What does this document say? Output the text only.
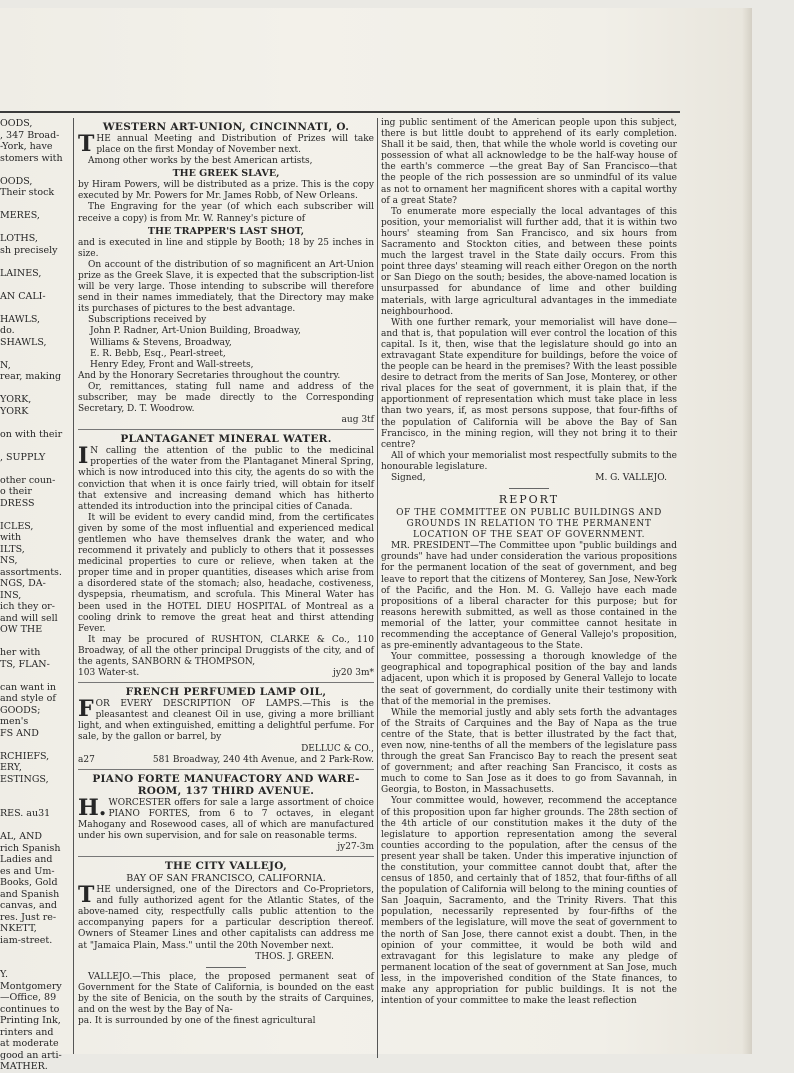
OODS,
, 347 Broad-
-York, have
stomers with

OODS,
Their stock

MERES,

LOTHS,
sh precisely

LAINES,

AN CALI-

HAWLS,
do.
SHAWLS,

N,
rear, making

YORK,
YORK

on with their

, SUPPLY

other coun-
o their
DRESS

ICLES,
with
ILTS,
NS,
assortments.
NGS, DA-
INS,
ich they or-
and will sell
OW THE

her with
TS, FLAN-

can want in
and style of
GOODS;
men's
FS AND

RCHIEFS,
ERY,
ESTINGS,

RES. au31

AL, AND
rich Spanish
Ladies and
es and Um-
Books, Gold
and Spanish
canvas, and
res. Just re-
NKETT,
iam-street.

Y.
Montgomery
—Office, 89
continues to
Printing Ink,
rinters and
at moderate
good an arti-
MATHER.
WESTERN ART-UNION, CINCINNATI, O.

THE annual Meeting and Distribution of Prizes will take place on the first Monday of November next.

Among other works by the best American artists,

THE GREEK SLAVE,

by Hiram Powers, will be distributed as a prize. This is the copy executed by Mr. Powers for Mr. James Robb, of New Orleans.

The Engraving for the year (of which each subscriber will receive a copy) is from Mr. W. Ranney's picture of

THE TRAPPER'S LAST SHOT,

and is executed in line and stipple by Booth; 18 by 25 inches in size.

On account of the distribution of so magnificent an Art-Union prize as the Greek Slave, it is expected that the subscription-list will be very large. Those intending to subscribe will therefore send in their names immediately, that the Directory may make its purchases of pictures to the best advantage.

Subscriptions received by

John P. Radner, Art-Union Building, Broadway,

Williams & Stevens, Broadway,

E. R. Bebb, Esq., Pearl-street,

Henry Edey, Front and Wall-streets,

And by the Honorary Secretaries throughout the country.

Or, remittances, stating full name and address of the subscriber, may be made directly to the Corresponding Secretary, D. T. Woodrow.

aug 3tf

PLANTAGANET MINERAL WATER.

I N calling the attention of the public to the medicinal properties of the water from the Plantaganet Mineral Spring, which is now introduced into this city, the agents do so with the conviction that when it is once fairly tried, will obtain for itself that extensive and increasing demand which has hitherto attended its introduction into the principal cities of Canada.

It will be evident to every candid mind, from the certificates given by some of the most influential and experienced medical gentlemen who have themselves drank the water, and who recommend it privately and publicly to others that it possesses medicinal properties to cure or relieve, when taken at the proper time and in proper quantities, diseases which arise from a disordered state of the stomach; also, headache, costiveness, dyspepsia, rheumatism, and scrofula. This Mineral Water has been used in the HOTEL DIEU HOSPITAL of Montreal as a cooling drink to remove the great heat and thirst attending Fever.

It may be procured of RUSHTON, CLARKE & Co., 110 Broadway, of all the other principal Druggists of the city, and of the agents, SANBORN & THOMPSON,

103 Water-st.	jy20 3m*
FRENCH PERFUMED LAMP OIL,

FOR EVERY DESCRIPTION OF LAMPS.—This is the pleasantest and cleanest Oil in use, giving a more brilliant light, and when extinguished, emitting a delightful perfume. For sale, by the gallon or barrel, by

DELLUC & CO.,

a27	581 Broadway, 240 4th Avenue, and 2 Park-Row.
PIANO FORTE MANUFACTORY AND WARE-
ROOM, 137 THIRD AVENUE.

H. WORCESTER offers for sale a large assortment of choice PIANO FORTES, from 6 to 7 octaves, in elegant Mahogany and Rosewood cases, all of which are manufactured under his own supervision, and for sale on reasonable terms.

jy27-3m

THE CITY VALLEJO,
BAY OF SAN FRANCISCO, CALIFORNIA.

THE undersigned, one of the Directors and Co-Proprietors, and fully authorized agent for the Atlantic States, of the above-named city, respectfully calls public attention to the accompanying papers for a particular description thereof. Owners of Steamer Lines and other capitalists can address me at "Jamaica Plain, Mass." until the 20th November next.

THOS. J. GREEN.

VALLEJO.—This place, the proposed permanent seat of Government for the State of California, is bounded on the east by the site of Benicia, on the south by the straits of Carquines, and on the west by the Bay of Na-

pa. It is surrounded by one of the finest agricultural

ing public sentiment of the American people upon this subject, there is but little doubt to apprehend of its early completion. Shall it be said, then, that while the whole world is coveting our possession of what all acknowledge to be the half-way house of the earth's commerce —the great Bay of San Francisco—that the people of the rich possession are so unmindful of its value as not to ornament her magnificent shores with a capital worthy of a great State?

To enumerate more especially the local advantages of this position, your memorialist will further add, that it is within two hours' steaming from San Francisco, and six hours from Sacramento and Stockton cities, and between these points much the largest travel in the State daily occurs. From this point three days' steaming will reach either Oregon on the north or San Diego on the south; besides, the above-named location is unsurpassed for abundance of lime and other building materials, with large agricultural advantages in the immediate neighbourhood.

With one further remark, your memorialist will have done—and that is, that population will ever control the location of this capital. Is it, then, wise that the legislature should go into an extravagant State expenditure for buildings, before the voice of the people can be heard in the premises? With the least possible desire to detract from the merits of San Jose, Monterey, or other rival places for the seat of government, it is plain that, if the apportionment of representation which must take place in less than two years, if, as most persons suppose, that four-fifths of the population of California will be above the Bay of San Francisco, in the mining region, will they not bring it to their centre?

All of which your memorialist most respectfully submits to the honourable legislature.

Signed,	M. G. VALLEJO.
REPORT

OF THE COMMITTEE ON PUBLIC BUILDINGS AND GROUNDS IN RELATION TO THE PERMANENT LOCATION OF THE SEAT OF GOVERNMENT.

MR. PRESIDENT—The Committee upon "public buildings and grounds" have had under consideration the various propositions for the permanent location of the seat of government, and beg leave to report that the citizens of Monterey, San Jose, New-York of the Pacific, and the Hon. M. G. Vallejo have each made propositions of a liberal character for this purpose; but for reasons herewith submitted, as well as those contained in the memorial of the latter, your committee cannot hesitate in recommending the acceptance of General Vallejo's proposition, as pre-eminently advantageous to the State.

Your committee, possessing a thorough knowledge of the geographical and topographical position of the bay and lands adjacent, upon which it is proposed by General Vallejo to locate the seat of government, do cordially unite their testimony with that of the memorial in the premises.

While the memorial justly and ably sets forth the advantages of the Straits of Carquines and the Bay of Napa as the true centre of the State, that is better illustrated by the fact that, even now, nine-tenths of all the members of the legislature pass through the great San Francisco Bay to reach the present seat of government; and after reaching San Francisco, it costs as much to come to San Jose as it does to go from Savannah, in Georgia, to Boston, in Massachusetts.

Your committee would, however, recommend the acceptance of this proposition upon far higher grounds. The 28th section of the 4th article of our constitution makes it the duty of the legislature to apportion representation among the several counties according to the population, after the census of the present year shall be taken. Under this imperative injunction of the constitution, your committee cannot doubt that, after the census of 1850, and certainly that of 1852, that four-fifths of all the population of California will belong to the mining counties of San Joaquin, Sacramento, and the Trinity Rivers. That this population, necessarily represented by four-fifths of the members of the legislature, will move the seat of government to the north of San Jose, there cannot exist a doubt. Then, in the opinion of your committee, it would be both wild and extravagant for this legislature to make any pledge of permanent location of the seat of government at San Jose, much less, in the impoverished condition of the State finances, to make any appropriation for public buildings. It is not the intention of your committee to make the least reflection
